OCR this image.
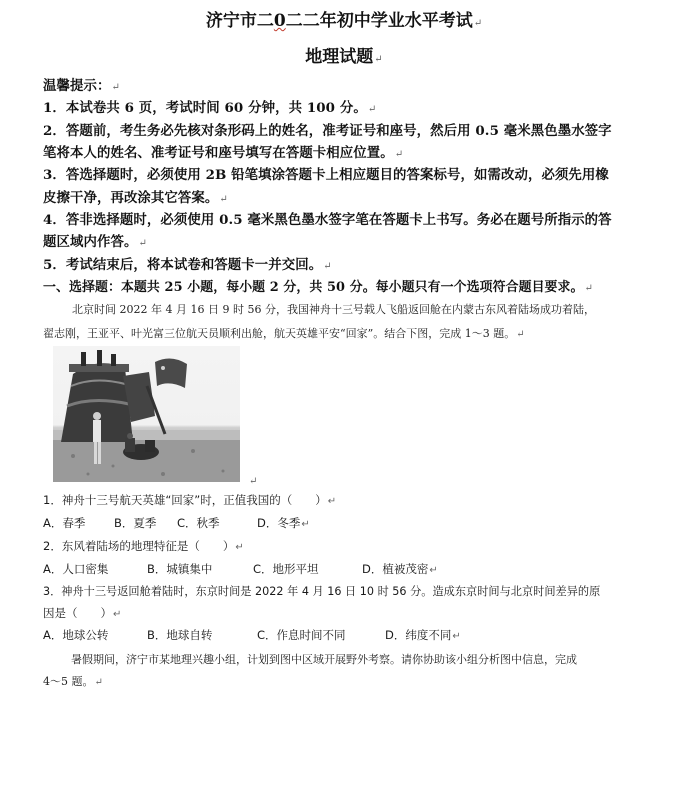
济宁市二0二二年初中学业水平考试↵
地理试题↵
温馨提示：↵
1．本试卷共 6 页，考试时间 60 分钟，共 100 分。↵
2．答题前，考生务必先核对条形码上的姓名，准考证号和座号，然后用 0.5 毫米黑色墨水签字
笔将本人的姓名、准考证号和座号填写在答题卡相应位置。↵
3．答选择题时，必须使用 2B 铅笔填涂答题卡上相应题目的答案标号，如需改动，必须先用橡
皮擦干净，再改涂其它答案。↵
4．答非选择题时，必须使用 0.5 毫米黑色墨水签字笔在答题卡上书写。务必在题号所指示的答
题区域内作答。↵
5．考试结束后，将本试卷和答题卡一并交回。↵
一、选择题：本题共 25 小题，每小题 2 分，共 50 分。每小题只有一个选项符合题目要求。↵
北京时间 2022 年 4 月 16 日 9 时 56 分，我国神舟十三号载人飞船返回舱在内蒙古东风着陆场成功着陆，
翟志刚，王亚平、叶光富三位航天员顺利出舱，航天英雄平安“回家”。结合下图，完成 1～3 题。↵
↵
1．神舟十三号航天英雄“回家”时，正值我国的（　　）↵
A．春季 B．夏季 C．秋季	D．冬季↵
2．东风着陆场的地理特征是（　　）↵
A．人口密集	B．城镇集中	C．地形平坦	D．植被茂密↵
3．神舟十三号返回舱着陆时，东京时间是 2022 年 4 月 16 日 10 时 56 分。造成东京时间与北京时间差异的原
因是（　　）↵
A．地球公转	B．地球自转	C．作息时间不同	D．纬度不同↵
暑假期间，济宁市某地理兴趣小组，计划到图中区域开展野外考察。请你协助该小组分析图中信息，完成
4～5 题。↵
